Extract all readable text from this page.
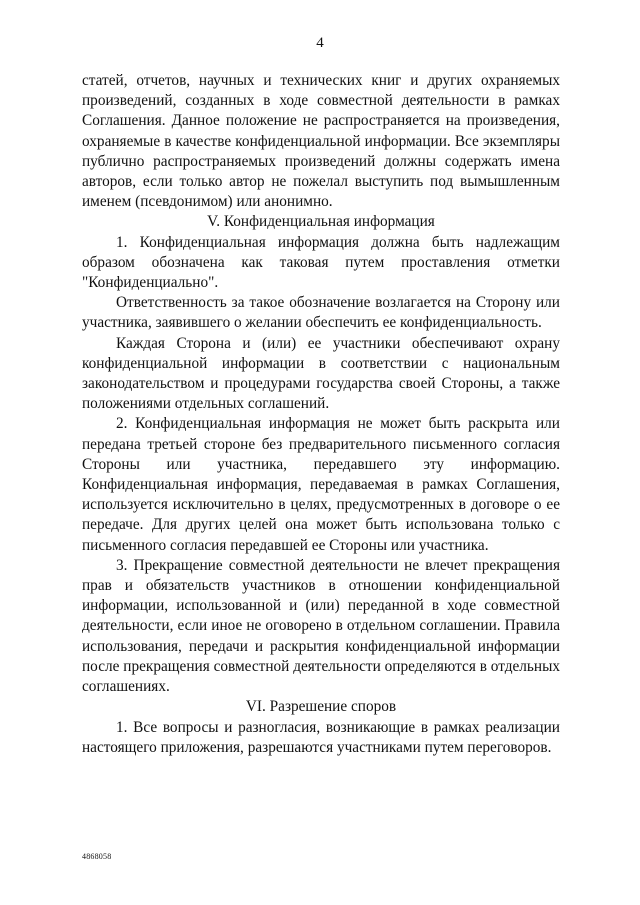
4

статей, отчетов, научных и технических книг и других охраняемых произведений, созданных в ходе совместной деятельности в рамках Соглашения. Данное положение не распространяется на произведения, охраняемые в качестве конфиденциальной информации. Все экземпляры публично распространяемых произведений должны содержать имена авторов, если только автор не пожелал выступить под вымышленным именем (псевдонимом) или анонимно.

V. Конфиденциальная информация

1. Конфиденциальная информация должна быть надлежащим образом обозначена как таковая путем проставления отметки "Конфиденциально".

Ответственность за такое обозначение возлагается на Сторону или участника, заявившего о желании обеспечить ее конфиденциальность.

Каждая Сторона и (или) ее участники обеспечивают охрану конфиденциальной информации в соответствии с национальным законодательством и процедурами государства своей Стороны, а также положениями отдельных соглашений.

2. Конфиденциальная информация не может быть раскрыта или передана третьей стороне без предварительного письменного согласия Стороны или участника, передавшего эту информацию. Конфиденциальная информация, передаваемая в рамках Соглашения, используется исключительно в целях, предусмотренных в договоре о ее передаче. Для других целей она может быть использована только с письменного согласия передавшей ее Стороны или участника.

3. Прекращение совместной деятельности не влечет прекращения прав и обязательств участников в отношении конфиденциальной информации, использованной и (или) переданной в ходе совместной деятельности, если иное не оговорено в отдельном соглашении. Правила использования, передачи и раскрытия конфиденциальной информации после прекращения совместной деятельности определяются в отдельных соглашениях.

VI. Разрешение споров

1. Все вопросы и разногласия, возникающие в рамках реализации настоящего приложения, разрешаются участниками путем переговоров.

4868058
